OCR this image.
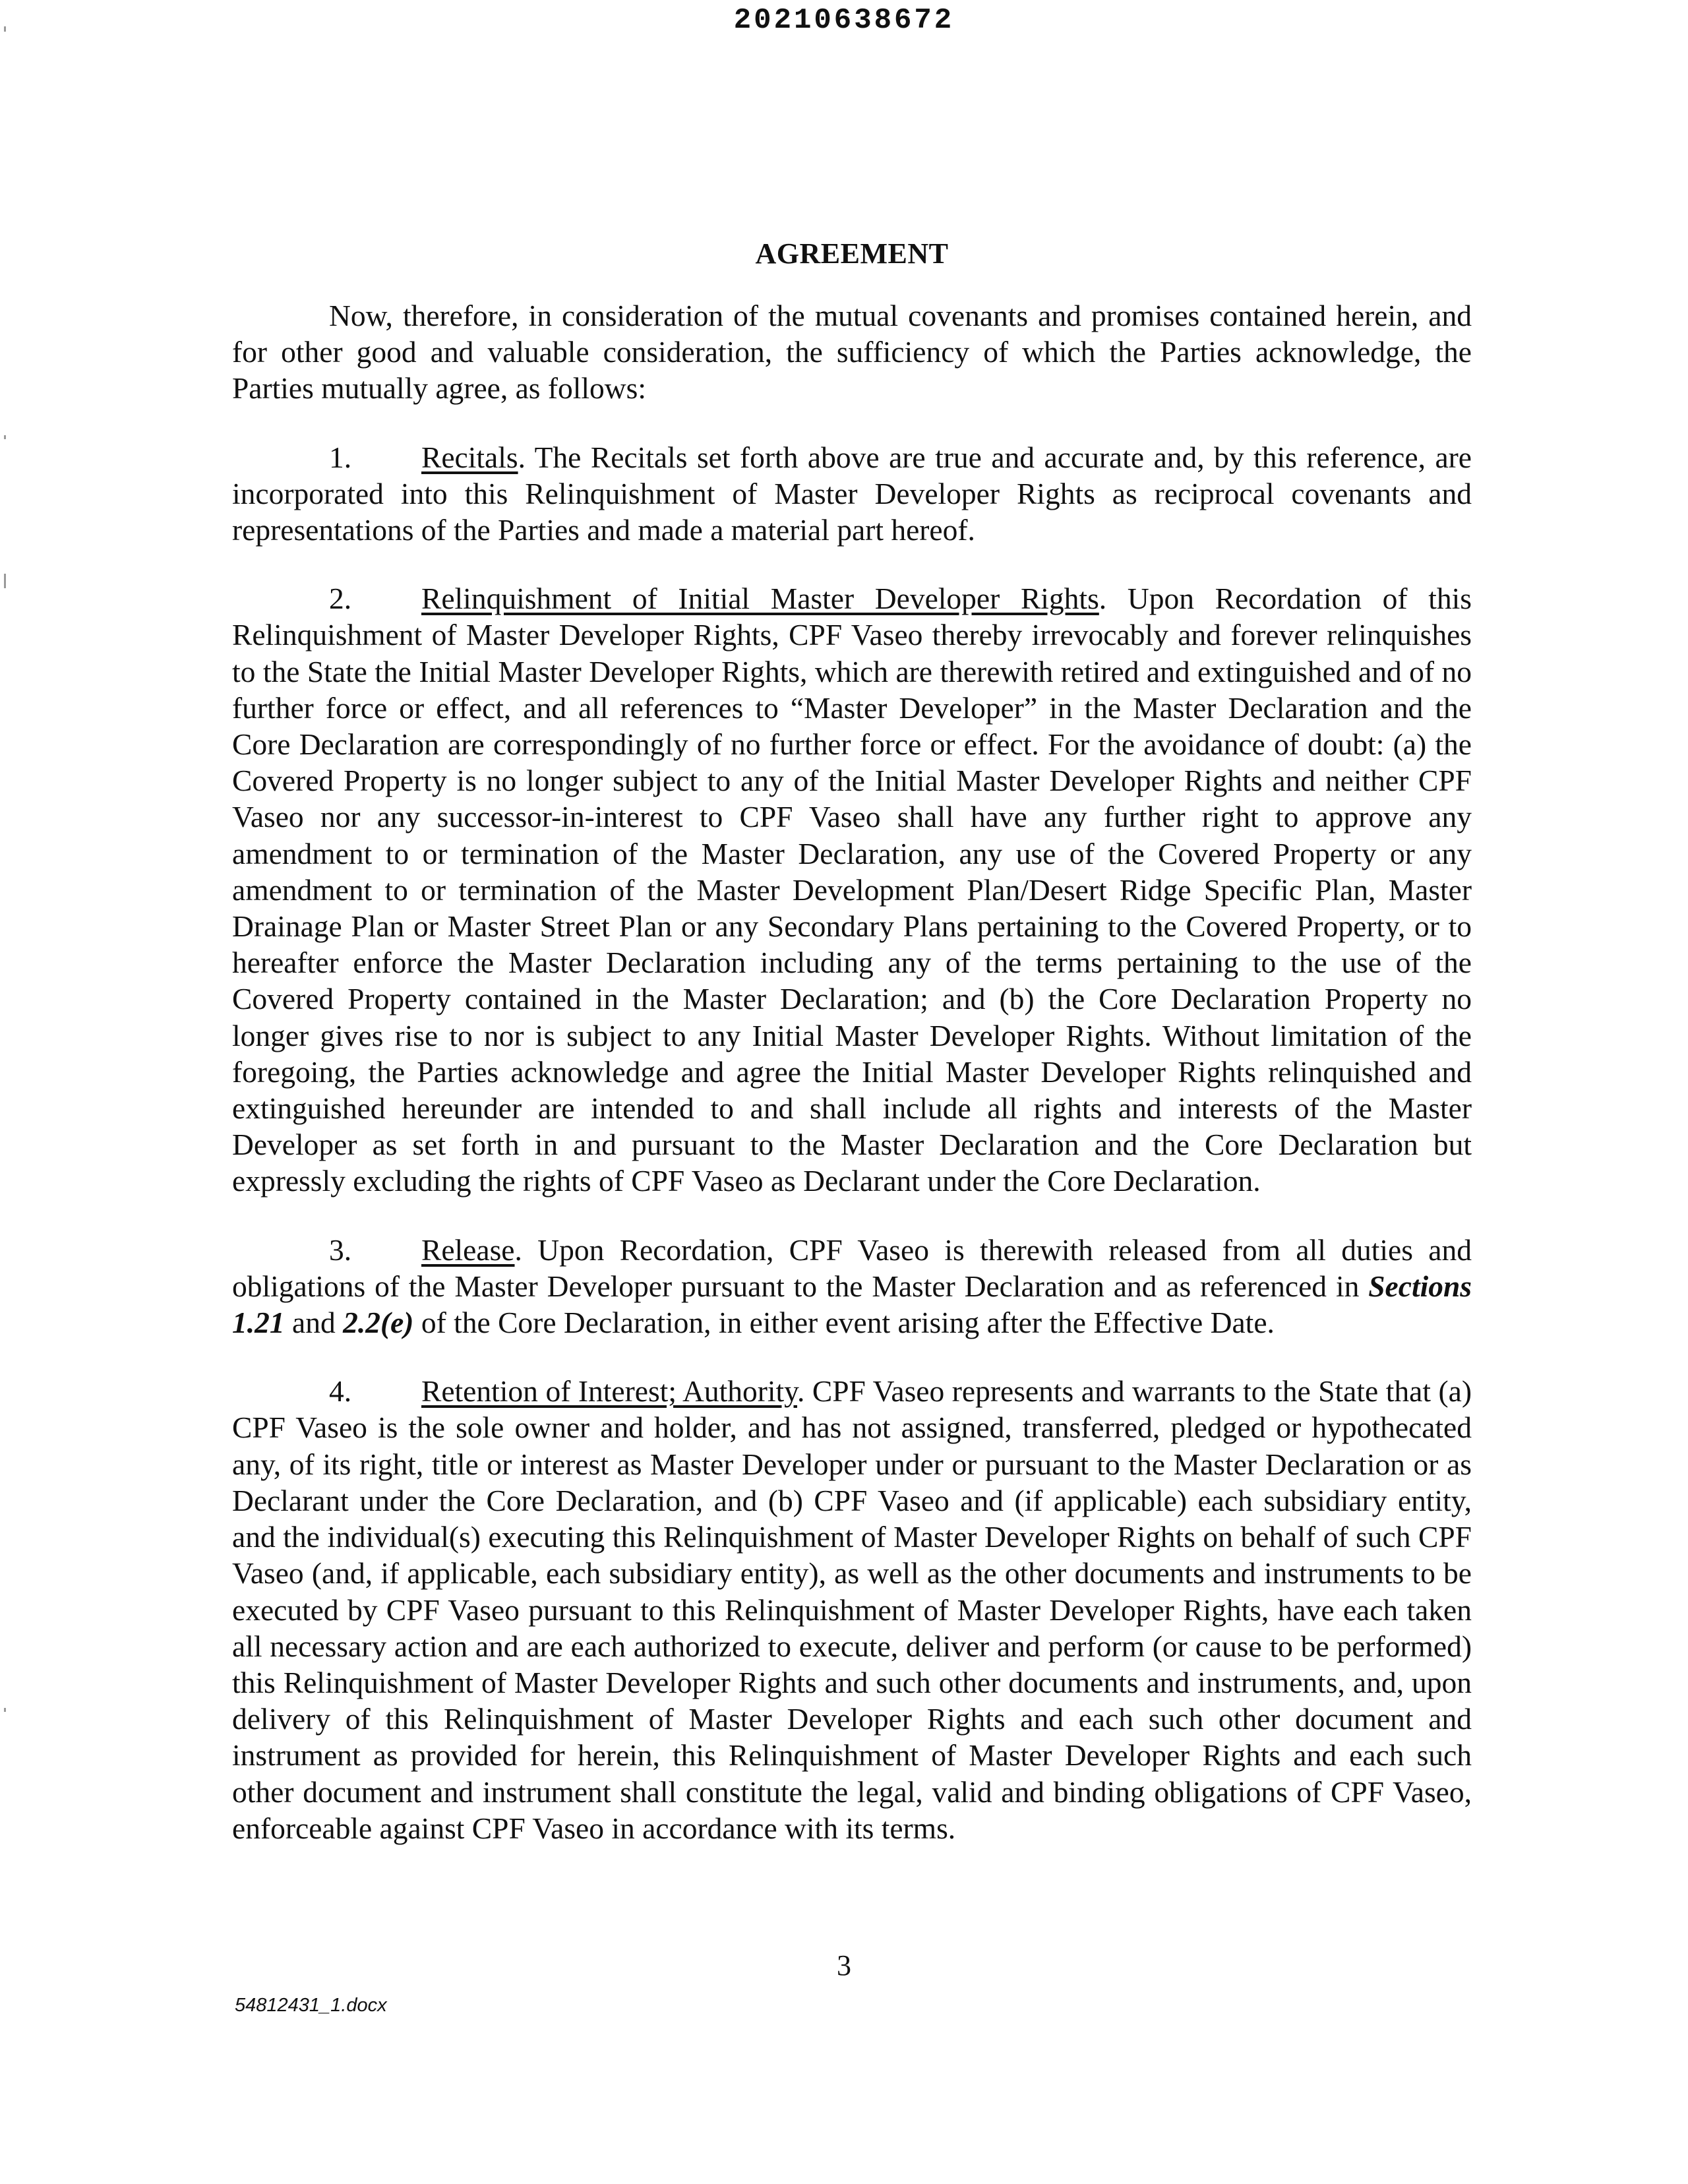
20210638672
AGREEMENT

Now, therefore, in consideration of the mutual covenants and promises contained herein, and for other good and valuable consideration, the sufficiency of which the Parties acknowledge, the Parties mutually agree, as follows:

1. Recitals. The Recitals set forth above are true and accurate and, by this reference, are incorporated into this Relinquishment of Master Developer Rights as reciprocal covenants and representations of the Parties and made a material part hereof.

2. Relinquishment of Initial Master Developer Rights. Upon Recordation of this Relinquishment of Master Developer Rights, CPF Vaseo thereby irrevocably and forever relinquishes to the State the Initial Master Developer Rights, which are therewith retired and extinguished and of no further force or effect, and all references to “Master Developer” in the Master Declaration and the Core Declaration are correspondingly of no further force or effect. For the avoidance of doubt: (a) the Covered Property is no longer subject to any of the Initial Master Developer Rights and neither CPF Vaseo nor any successor-in-interest to CPF Vaseo shall have any further right to approve any amendment to or termination of the Master Declaration, any use of the Covered Property or any amendment to or termination of the Master Development Plan/Desert Ridge Specific Plan, Master Drainage Plan or Master Street Plan or any Secondary Plans pertaining to the Covered Property, or to hereafter enforce the Master Declaration including any of the terms pertaining to the use of the Covered Property contained in the Master Declaration; and (b) the Core Declaration Property no longer gives rise to nor is subject to any Initial Master Developer Rights. Without limitation of the foregoing, the Parties acknowledge and agree the Initial Master Developer Rights relinquished and extinguished hereunder are intended to and shall include all rights and interests of the Master Developer as set forth in and pursuant to the Master Declaration and the Core Declaration but expressly excluding the rights of CPF Vaseo as Declarant under the Core Declaration.

3. Release. Upon Recordation, CPF Vaseo is therewith released from all duties and obligations of the Master Developer pursuant to the Master Declaration and as referenced in Sections 1.21 and 2.2(e) of the Core Declaration, in either event arising after the Effective Date.

4. Retention of Interest; Authority. CPF Vaseo represents and warrants to the State that (a) CPF Vaseo is the sole owner and holder, and has not assigned, transferred, pledged or hypothecated any, of its right, title or interest as Master Developer under or pursuant to the Master Declaration or as Declarant under the Core Declaration, and (b) CPF Vaseo and (if applicable) each subsidiary entity, and the individual(s) executing this Relinquishment of Master Developer Rights on behalf of such CPF Vaseo (and, if applicable, each subsidiary entity), as well as the other documents and instruments to be executed by CPF Vaseo pursuant to this Relinquishment of Master Developer Rights, have each taken all necessary action and are each authorized to execute, deliver and perform (or cause to be performed) this Relinquishment of Master Developer Rights and such other documents and instruments, and, upon delivery of this Relinquishment of Master Developer Rights and each such other document and instrument as provided for herein, this Relinquishment of Master Developer Rights and each such other document and instrument shall constitute the legal, valid and binding obligations of CPF Vaseo, enforceable against CPF Vaseo in accordance with its terms.

3
54812431_1.docx
